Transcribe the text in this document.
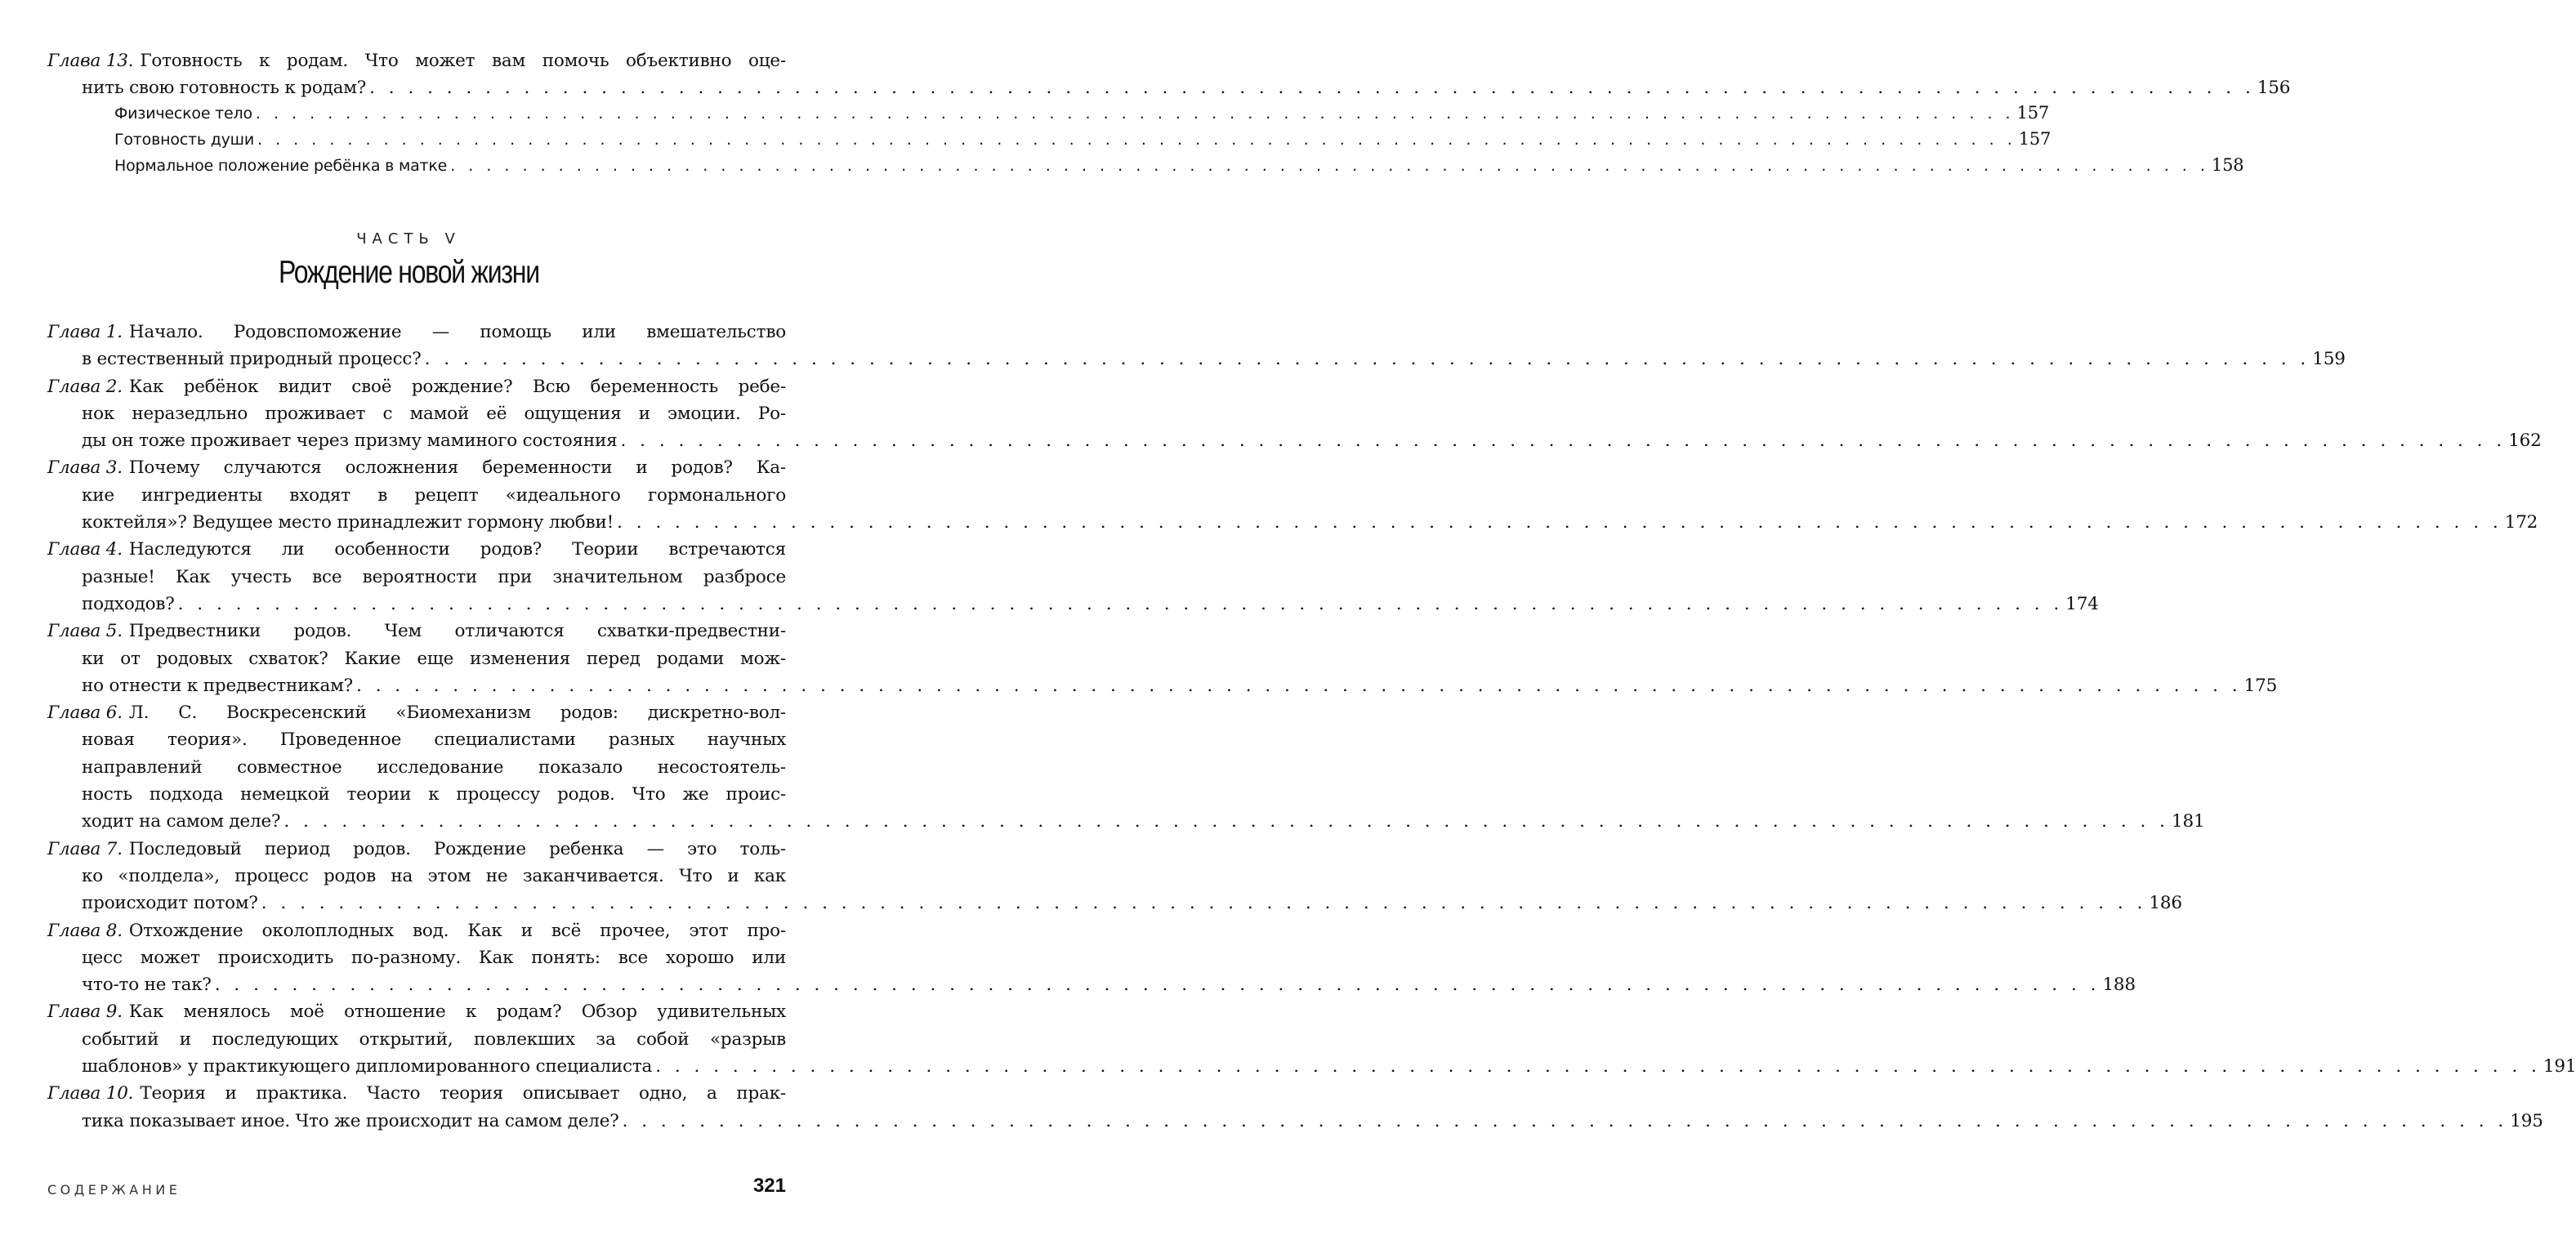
Глава 13. Готовность к родам. Что может вам помочь объективно оце-
нить свою готовность к родам? . . . . . . . . . . . . . . . . . . . . . . . . . . . . . . . . . . . . . . . . . . . . . . . . . . . . . . . . . . . . . . . . . . . . . . . . . . . . . . . . . . . . . . . . . . . . . . . . . . 156
Физическое тело . . . . . . . . . . . . . . . . . . . . . . . . . . . . . . . . . . . . . . . . . . . . . . . . . . . . . . . . . . . . . . . . . . . . . . . . . . . . . . . . . . . . . . . . . . . . . . . . . . 157
Готовность души . . . . . . . . . . . . . . . . . . . . . . . . . . . . . . . . . . . . . . . . . . . . . . . . . . . . . . . . . . . . . . . . . . . . . . . . . . . . . . . . . . . . . . . . . . . . . . . . . . 157
Нормальное положение ребёнка в матке . . . . . . . . . . . . . . . . . . . . . . . . . . . . . . . . . . . . . . . . . . . . . . . . . . . . . . . . . . . . . . . . . . . . . . . . . . . . . . . . . . . . . . . . . . . . . . . . . . 158
ЧАСТЬ V
Рождение новой жизни
Глава 1. Начало. Родовспоможение — помощь или вмешательство
в естественный природный процесс? . . . . . . . . . . . . . . . . . . . . . . . . . . . . . . . . . . . . . . . . . . . . . . . . . . . . . . . . . . . . . . . . . . . . . . . . . . . . . . . . . . . . . . . . . . . . . . . . . . 159
Глава 2. Как ребёнок видит своё рождение? Всю беременность ребе-
нок неразедльно проживает с мамой её ощущения и эмоции. Ро-
ды он тоже проживает через призму маминого состояния . . . . . . . . . . . . . . . . . . . . . . . . . . . . . . . . . . . . . . . . . . . . . . . . . . . . . . . . . . . . . . . . . . . . . . . . . . . . . . . . . . . . . . . . . . . . . . . . . . 162
Глава 3. Почему случаются осложнения беременности и родов? Ка-
кие ингредиенты входят в рецепт «идеального гормонального
коктейля»? Ведущее место принадлежит гормону любви! . . . . . . . . . . . . . . . . . . . . . . . . . . . . . . . . . . . . . . . . . . . . . . . . . . . . . . . . . . . . . . . . . . . . . . . . . . . . . . . . . . . . . . . . . . . . . . . . . . 172
Глава 4. Наследуются ли особенности родов? Теории встречаются
разные! Как учесть все вероятности при значительном разбросе
подходов? . . . . . . . . . . . . . . . . . . . . . . . . . . . . . . . . . . . . . . . . . . . . . . . . . . . . . . . . . . . . . . . . . . . . . . . . . . . . . . . . . . . . . . . . . . . . . . . . . . 174
Глава 5. Предвестники родов. Чем отличаются схватки-предвестни-
ки от родовых схваток? Какие еще изменения перед родами мож-
но отнести к предвестникам? . . . . . . . . . . . . . . . . . . . . . . . . . . . . . . . . . . . . . . . . . . . . . . . . . . . . . . . . . . . . . . . . . . . . . . . . . . . . . . . . . . . . . . . . . . . . . . . . . . 175
Глава 6. Л. С. Воскресенский «Биомеханизм родов: дискретно-вол-
новая теория». Проведенное специалистами разных научных
направлений совместное исследование показало несостоятель-
ность подхода немецкой теории к процессу родов. Что же проис-
ходит на самом деле? . . . . . . . . . . . . . . . . . . . . . . . . . . . . . . . . . . . . . . . . . . . . . . . . . . . . . . . . . . . . . . . . . . . . . . . . . . . . . . . . . . . . . . . . . . . . . . . . . . 181
Глава 7. Последовый период родов. Рождение ребенка — это толь-
ко «полдела», процесс родов на этом не заканчивается. Что и как
происходит потом? . . . . . . . . . . . . . . . . . . . . . . . . . . . . . . . . . . . . . . . . . . . . . . . . . . . . . . . . . . . . . . . . . . . . . . . . . . . . . . . . . . . . . . . . . . . . . . . . . . 186
Глава 8. Отхождение околоплодных вод. Как и всё прочее, этот про-
цесс может происходить по-разному. Как понять: все хорошо или
что-то не так? . . . . . . . . . . . . . . . . . . . . . . . . . . . . . . . . . . . . . . . . . . . . . . . . . . . . . . . . . . . . . . . . . . . . . . . . . . . . . . . . . . . . . . . . . . . . . . . . . . 188
Глава 9. Как менялось моё отношение к родам? Обзор удивительных
событий и последующих открытий, повлекших за собой «разрыв
шаблонов» у практикующего дипломированного специалиста . . . . . . . . . . . . . . . . . . . . . . . . . . . . . . . . . . . . . . . . . . . . . . . . . . . . . . . . . . . . . . . . . . . . . . . . . . . . . . . . . . . . . . . . . . . . . . . . . . 191
Глава 10. Теория и практика. Часто теория описывает одно, а прак-
тика показывает иное. Что же происходит на самом деле? . . . . . . . . . . . . . . . . . . . . . . . . . . . . . . . . . . . . . . . . . . . . . . . . . . . . . . . . . . . . . . . . . . . . . . . . . . . . . . . . . . . . . . . . . . . . . . . . . . 195
СОДЕРЖАНИЕ	321
